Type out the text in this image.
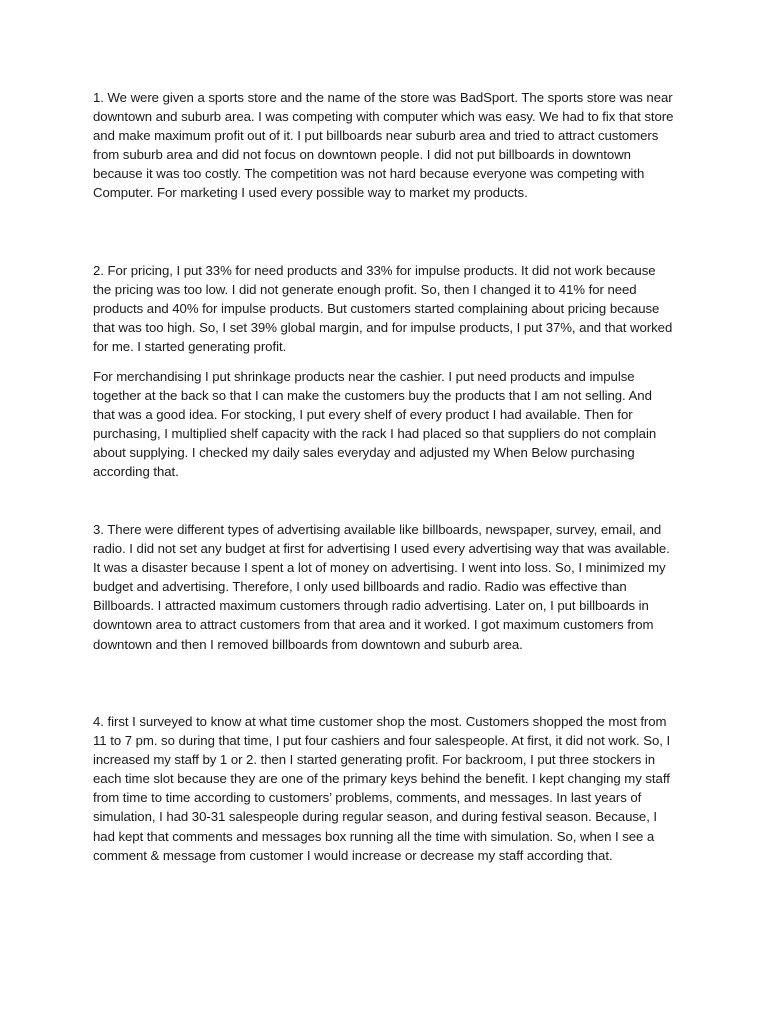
1. We were given a sports store and the name of the store was BadSport. The sports store was near downtown and suburb area. I was competing with computer which was easy. We had to fix that store and make maximum profit out of it. I put billboards near suburb area and tried to attract customers from suburb area and did not focus on downtown people. I did not put billboards in downtown because it was too costly. The competition was not hard because everyone was competing with Computer. For marketing I used every possible way to market my products.

2. For pricing, I put 33% for need products and 33% for impulse products. It did not work because the pricing was too low. I did not generate enough profit. So, then I changed it to 41% for need products and 40% for impulse products. But customers started complaining about pricing because that was too high. So, I set 39% global margin, and for impulse products, I put 37%, and that worked for me. I started generating profit.

For merchandising I put shrinkage products near the cashier. I put need products and impulse together at the back so that I can make the customers buy the products that I am not selling. And that was a good idea. For stocking, I put every shelf of every product I had available. Then for purchasing, I multiplied shelf capacity with the rack I had placed so that suppliers do not complain about supplying. I checked my daily sales everyday and adjusted my When Below purchasing according that.

3. There were different types of advertising available like billboards, newspaper, survey, email, and radio. I did not set any budget at first for advertising I used every advertising way that was available. It was a disaster because I spent a lot of money on advertising. I went into loss. So, I minimized my budget and advertising. Therefore, I only used billboards and radio. Radio was effective than Billboards. I attracted maximum customers through radio advertising. Later on, I put billboards in downtown area to attract customers from that area and it worked. I got maximum customers from downtown and then I removed billboards from downtown and suburb area.

4. first I surveyed to know at what time customer shop the most. Customers shopped the most from 11 to 7 pm. so during that time, I put four cashiers and four salespeople. At first, it did not work. So, I increased my staff by 1 or 2. then I started generating profit. For backroom, I put three stockers in each time slot because they are one of the primary keys behind the benefit. I kept changing my staff from time to time according to customers’ problems, comments, and messages. In last years of simulation, I had 30-31 salespeople during regular season, and during festival season. Because, I had kept that comments and messages box running all the time with simulation. So, when I see a comment & message from customer I would increase or decrease my staff according that.
